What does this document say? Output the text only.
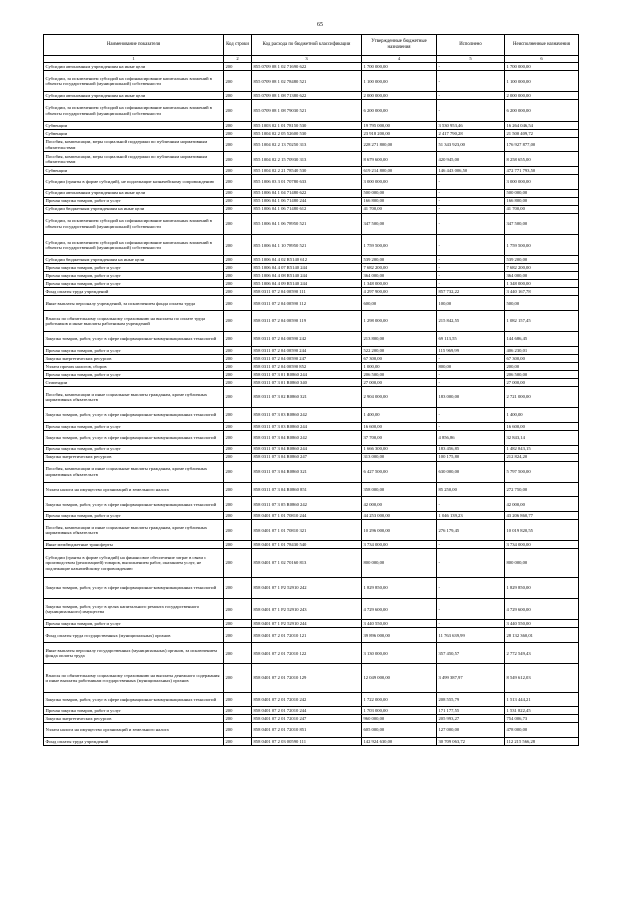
65
Наименование показателя	Код строки	Код расхода по бюджетной классификации	Утвержденные бюджетные назначения	Исполнено	Неисполненные назначения
1	2	3	4	5	6
Субсидии автономным учреждениям на иные цели	200	855 0709 08 1 02 71690 622	1 700 000,00	-	1 700 000,00
Субсидии, за исключением субсидий на софинансирование капитальных вложений в объекты государственной (муниципальной) собственности	200	855 0709 08 1 02 78480 521	1 100 000,00	-	1 100 000,00
Субсидии автономным учреждениям на иные цели	200	855 0709 08 1 08 71380 622	2 000 000,00	-	2 000 000,00
Субсидии, за исключением субсидий на софинансирование капитальных вложений в объекты государственной (муниципальной) собственности	200	855 0709 08 1 08 79030 521	6 200 000,00	-	6 200 000,00
Субвенции	200	855 1003 02 1 01 78150 530	19 795 000,00	3 530 953,46	16 264 046,54
Субвенции	200	855 1004 02 2 05 52600 530	23 918 200,00	2 417 790,28	21 500 409,72
Пособия, компенсации, меры социальной поддержки по публичным нормативным обязательствам	200	855 1004 02 2 13 70250 313	228 271 800,00	51 343 923,00	176 927 877,00
Пособия, компенсации, меры социальной поддержки по публичным нормативным обязательствам	200	855 1004 02 2 15 70930 313	8 679 600,00	420 945,00	8 258 655,00
Субвенции	200	855 1004 02 2 21 78540 530	619 214 800,00	146 443 006,50	472 771 793,50
Субсидии (гранты в форме субсидий), не подлежащие казначейскому сопровождению	200	855 1006 03 3 01 70780 633	3 000 000,00	-	3 000 000,00
Субсидии автономным учреждениям на иные цели	200	855 1006 04 1 04 71480 622	500 000,00	-	500 000,00
Прочая закупка товаров, работ и услуг	200	855 1006 04 1 06 71480 244	166 800,00	-	166 800,00
Субсидии бюджетным учреждениям на иные цели	200	855 1006 04 1 06 71480 612	41 700,00	-	41 700,00
Субсидии, за исключением субсидий на софинансирование капитальных вложений в объекты государственной (муниципальной) собственности	200	855 1006 04 1 06 78950 521	347 500,00	-	347 500,00
Субсидии, за исключением субсидий на софинансирование капитальных вложений в объекты государственной (муниципальной) собственности	200	855 1006 04 1 10 78950 521	1 759 500,00	-	1 759 500,00
Субсидии бюджетным учреждениям на иные цели	200	855 1006 04 4 02 R5140 612	539 200,00	-	539 200,00
Прочая закупка товаров, работ и услуг	200	855 1006 04 4 07 R5140 244	7 682 200,00	-	7 682 200,00
Прочая закупка товаров, работ и услуг	200	855 1006 04 4 08 R5140 244	364 000,00	-	364 000,00
Прочая закупка товаров, работ и услуг	200	855 1006 04 4 09 R5140 244	1 348 000,00	-	1 348 000,00
Фонд оплаты труда учреждений	200	858 0311 07 2 04 00590 111	4 297 900,00	857 732,22	3 440 167,78
Иные выплаты персоналу учреждений, за исключением фонда оплаты труда	200	858 0311 07 2 04 00590 112	600,00	100,00	500,00
Взносы по обязательному социальному страхованию на выплаты по оплате труда работников и иные выплаты работникам учреждений	200	858 0311 07 2 04 00590 119	1 298 000,00	215 842,55	1 082 157,45
Закупка товаров, работ, услуг в сфере информационно-коммуникационных технологий	200	858 0311 07 2 04 00590 242	213 800,00	69 113,55	144 686,45
Прочая закупка товаров, работ и услуг	200	858 0311 07 2 04 00590 244	522 200,00	115 969,99	406 230,01
Закупка энергетических ресурсов	200	858 0311 07 2 04 00590 247	67 300,00	-	67 300,00
Уплата прочих налогов, сборов	200	858 0311 07 2 04 00590 852	1 000,00	800,00	200,00
Прочая закупка товаров, работ и услуг	200	858 0311 07 3 01 R0860 244	206 500,00	-	206 500,00
Стипендии	200	858 0311 07 3 01 R0860 340	27 000,00	-	27 000,00
Пособия, компенсации и иные социальные выплаты гражданам, кроме публичных нормативных обязательств	200	858 0311 07 3 02 R0860 321	2 904 000,00	183 000,00	2 721 000,00
Закупка товаров, работ, услуг в сфере информационно-коммуникационных технологий	200	858 0311 07 3 03 R0860 242	1 400,00	-	1 400,00
Прочая закупка товаров, работ и услуг	200	858 0311 07 3 03 R0860 244	16 600,00	-	16 600,00
Закупка товаров, работ, услуг в сфере информационно-коммуникационных технологий	200	858 0311 07 3 04 R0860 242	37 700,00	4 856,86	32 843,14
Прочая закупка товаров, работ и услуг	200	858 0311 07 3 04 R0860 244	1 666 300,00	183 456,85	1 482 843,15
Закупка энергетических ресурсов	200	858 0311 07 3 04 R0860 247	313 000,00	100 175,80	212 824,20
Пособия, компенсации и иные социальные выплаты гражданам, кроме публичных нормативных обязательств	200	858 0311 07 3 04 R0860 321	6 427 500,00	630 000,00	5 797 500,00
Уплата налога на имущество организаций и земельного налога	200	858 0311 07 3 04 R0860 851	358 000,00	85 250,00	272 750,00
Закупка товаров, работ, услуг в сфере информационно-коммуникационных технологий	200	858 0311 07 3 05 R0860 242	42 000,00	-	42 000,00
Прочая закупка товаров, работ и услуг	200	858 0401 07 1 01 70810 244	44 253 000,00	1 046 139,23	43 206 860,77
Пособия, компенсации и иные социальные выплаты гражданам, кроме публичных нормативных обязательств	200	858 0401 07 1 01 70810 321	10 296 000,00	276 179,45	10 019 820,55
Иные межбюджетные трансферты	200	858 0401 07 1 01 78430 540	3 734 000,00	-	3 734 000,00
Субсидии (гранты в форме субсидий) на финансовое обеспечение затрат в связи с производством (реализацией) товаров, выполнением работ, оказанием услуг, не подлежащие казначейскому сопровождению	200	858 0401 07 1 02 70160 813	800 000,00	-	800 000,00
Закупка товаров, работ, услуг в сфере информационно-коммуникационных технологий	200	858 0401 07 1 P2 52910 242	1 829 850,00	-	1 829 850,00
Закупка товаров, работ, услуг в целях капитального ремонта государственного (муниципального) имущества	200	858 0401 07 1 P2 52910 243	4 729 600,00	-	4 729 600,00
Прочая закупка товаров, работ и услуг	200	858 0401 07 1 P2 52910 244	3 440 550,00	-	3 440 550,00
Фонд оплаты труда государственных (муниципальных) органов	200	858 0401 07 2 01 72010 121	39 896 000,00	11 763 639,99	28 132 360,01
Иные выплаты персоналу государственных (муниципальных) органов, за исключением фонда оплаты труда	200	858 0401 07 2 01 72010 122	3 130 000,00	357 450,57	2 772 549,43
Взносы по обязательному социальному страхованию на выплаты денежного содержания и иные выплаты работникам государственных (муниципальных) органов	200	858 0401 07 2 01 72010 129	12 049 000,00	3 499 387,97	8 549 612,03
Закупка товаров, работ, услуг в сфере информационно-коммуникационных технологий	200	858 0401 07 2 01 72010 242	1 722 000,00	208 555,79	1 513 444,21
Прочая закупка товаров, работ и услуг	200	858 0401 07 2 01 72010 244	1 703 000,00	171 177,55	1 531 822,45
Закупка энергетических ресурсов	200	858 0401 07 2 01 72010 247	960 000,00	205 993,27	754 006,73
Уплата налога на имущество организаций и земельного налога	200	858 0401 07 2 01 72010 851	605 000,00	127 000,00	478 000,00
Фонд оплаты труда учреждений	200	858 0401 07 2 03 00590 111	142 924 630,00	30 709 063,72	112 215 566,28
